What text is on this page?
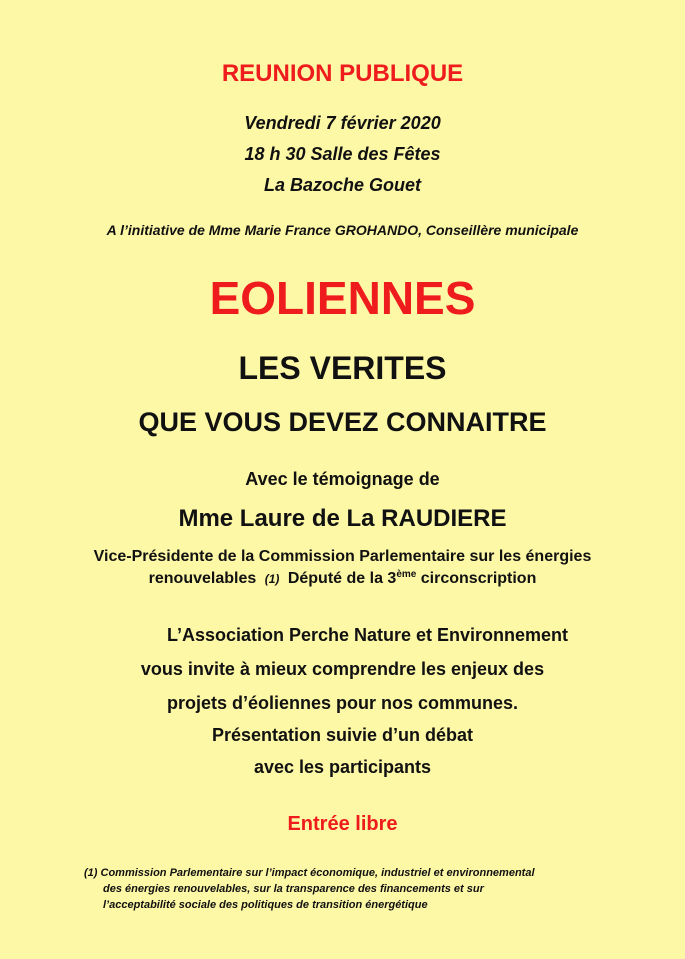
REUNION PUBLIQUE
Vendredi 7 février 2020
18 h 30 Salle des Fêtes
La Bazoche Gouet
A l’initiative de Mme Marie France GROHANDO, Conseillère municipale
EOLIENNES
LES VERITES
QUE VOUS DEVEZ CONNAITRE
Avec le témoignage de
Mme Laure de La RAUDIERE
Vice-Présidente de la Commission Parlementaire sur les énergies
renouvelables (1) Député de la 3ème circonscription
L’Association Perche Nature et Environnement
vous invite à mieux comprendre les enjeux des
projets d’éoliennes pour nos communes.
Présentation suivie d’un débat
avec les participants
Entrée libre
(1) Commission Parlementaire sur l’impact économique, industriel et environnemental
des énergies renouvelables, sur la transparence des financements et sur
l’acceptabilité sociale des politiques de transition énergétique
